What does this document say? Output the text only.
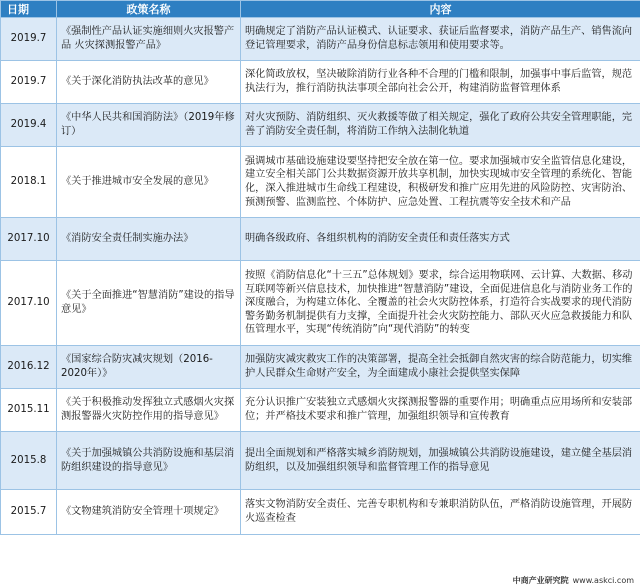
日期	政策名称	内容
2019.7	《强制性产品认证实施细则火灾报警产品 火灾探测报警产品》	明确规定了消防产品认证模式、认证要求、获证后监督要求，消防产品生产、销售流向登记管理要求，消防产品身份信息标志领用和使用要求等。
2019.7	《关于深化消防执法改革的意见》	深化简政放权，坚决破除消防行业各种不合理的门槛和限制，加强事中事后监管，规范执法行为，推行消防执法事项全部向社会公开，构建消防监督管理体系
2019.4	《中华人民共和国消防法》（2019年修订）	对火灾预防、消防组织、灭火救援等做了相关规定，强化了政府公共安全管理职能，完善了消防安全责任制，将消防工作纳入法制化轨道
2018.1	《关于推进城市安全发展的意见》	强调城市基础设施建设要坚持把安全放在第一位。要求加强城市安全监管信息化建设，建立安全相关部门公共数据资源开放共享机制，加快实现城市安全管理的系统化、智能化，深入推进城市生命线工程建设，积极研发和推广应用先进的风险防控、灾害防治、预测预警、监测监控、个体防护、应急处置、工程抗震等安全技术和产品
2017.10	《消防安全责任制实施办法》	明确各级政府、各组织机构的消防安全责任和责任落实方式
2017.10	《关于全面推进“智慧消防”建设的指导意见》	按照《消防信息化“十三五”总体规划》要求，综合运用物联网、云计算、大数据、移动互联网等新兴信息技术，加快推进“智慧消防”建设，全面促进信息化与消防业务工作的深度融合，为构建立体化、全覆盖的社会火灾防控体系，打造符合实战要求的现代消防警务勤务机制提供有力支撑，全面提升社会火灾防控能力、部队灭火应急救援能力和队伍管理水平，实现“传统消防”向“现代消防”的转变
2016.12	《国家综合防灾减灾规划（2016-2020年）》	加强防灾减灾救灾工作的决策部署，提高全社会抵御自然灾害的综合防范能力，切实维护人民群众生命财产安全，为全面建成小康社会提供坚实保障
2015.11	《关于积极推动发挥独立式感烟火灾探测报警器火灾防控作用的指导意见》	充分认识推广安装独立式感烟火灾探测报警器的重要作用；明确重点应用场所和安装部位；并严格技术要求和推广管理，加强组织领导和宣传教育
2015.8	《关于加强城镇公共消防设施和基层消防组织建设的指导意见》	提出全面规划和严格落实城乡消防规划，加强城镇公共消防设施建设，建立健全基层消防组织，以及加强组织领导和监督管理工作的指导意见
2015.7	《文物建筑消防安全管理十项规定》	落实文物消防安全责任、完善专职机构和专兼职消防队伍，严格消防设施管理，开展防火巡查检查
中商产业研究院 www.askci.com
